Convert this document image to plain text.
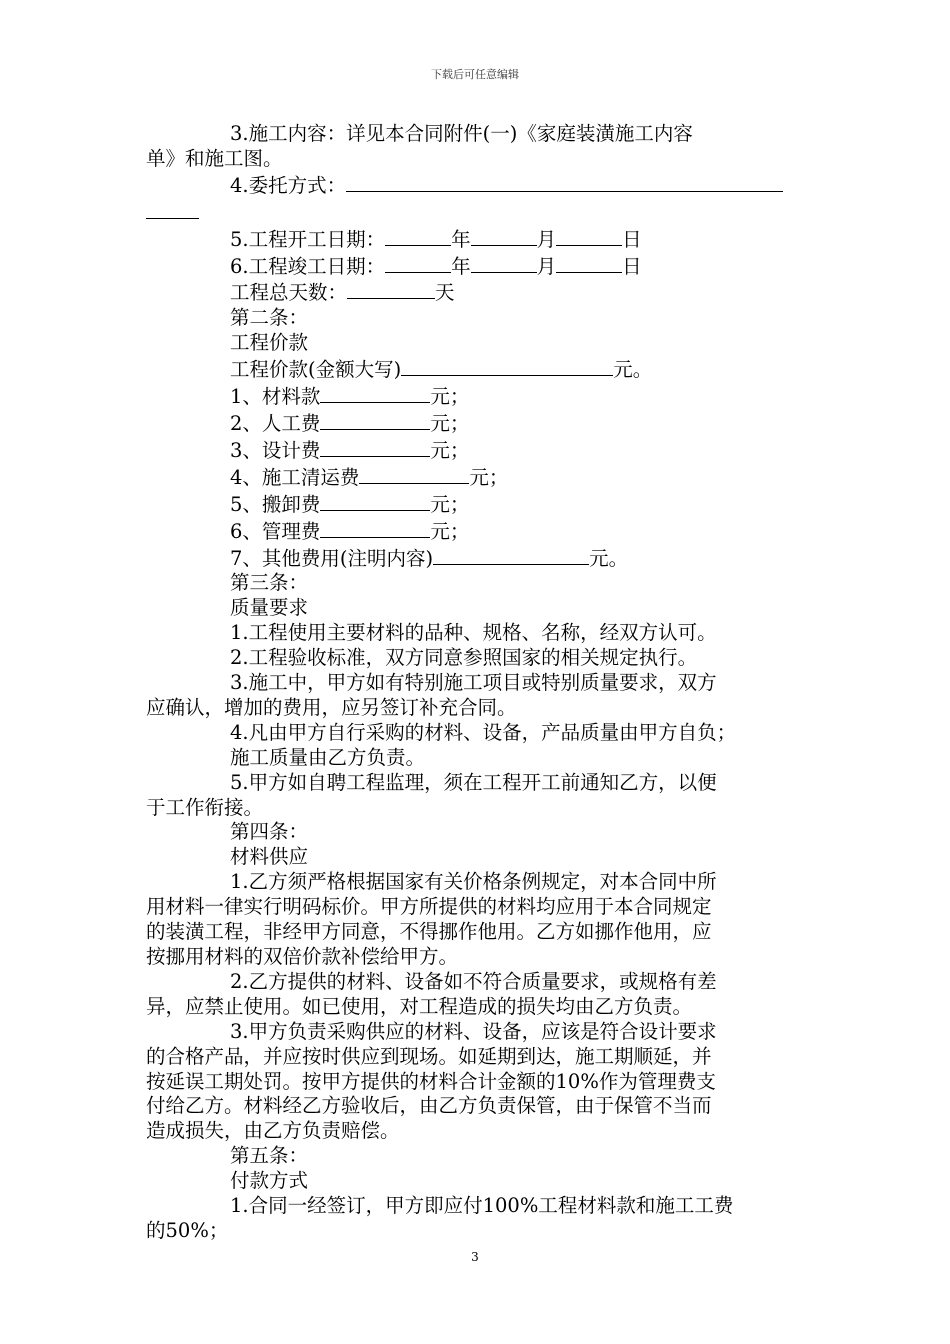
下载后可任意编辑

3.施工内容：详见本合同附件(一)《家庭装潢施工内容

单》和施工图。

4.委托方式：

5.工程开工日期：	年	月	日

6.工程竣工日期：	年	月	日

工程总天数：	天

第二条：

工程价款

工程价款(金额大写)	元。

1、材料款	元；

2、人工费	元；

3、设计费	元；

4、施工清运费	元；

5、搬卸费	元；

6、管理费	元；

7、其他费用(注明内容)	元。

第三条：

质量要求

1.工程使用主要材料的品种、规格、名称，经双方认可。

2.工程验收标准，双方同意参照国家的相关规定执行。

3.施工中，甲方如有特别施工项目或特别质量要求，双方

应确认，增加的费用，应另签订补充合同。

4.凡由甲方自行采购的材料、设备，产品质量由甲方自负；

施工质量由乙方负责。

5.甲方如自聘工程监理，须在工程开工前通知乙方，以便

于工作衔接。

第四条：

材料供应

1.乙方须严格根据国家有关价格条例规定，对本合同中所

用材料一律实行明码标价。甲方所提供的材料均应用于本合同规定

的装潢工程，非经甲方同意，不得挪作他用。乙方如挪作他用，应

按挪用材料的双倍价款补偿给甲方。

2.乙方提供的材料、设备如不符合质量要求，或规格有差

异，应禁止使用。如已使用，对工程造成的损失均由乙方负责。

3.甲方负责采购供应的材料、设备，应该是符合设计要求

的合格产品，并应按时供应到现场。如延期到达，施工期顺延，并

按延误工期处罚。按甲方提供的材料合计金额的10%作为管理费支

付给乙方。材料经乙方验收后，由乙方负责保管，由于保管不当而

造成损失，由乙方负责赔偿。

第五条：

付款方式

1.合同一经签订，甲方即应付100%工程材料款和施工工费

的50%；

3
